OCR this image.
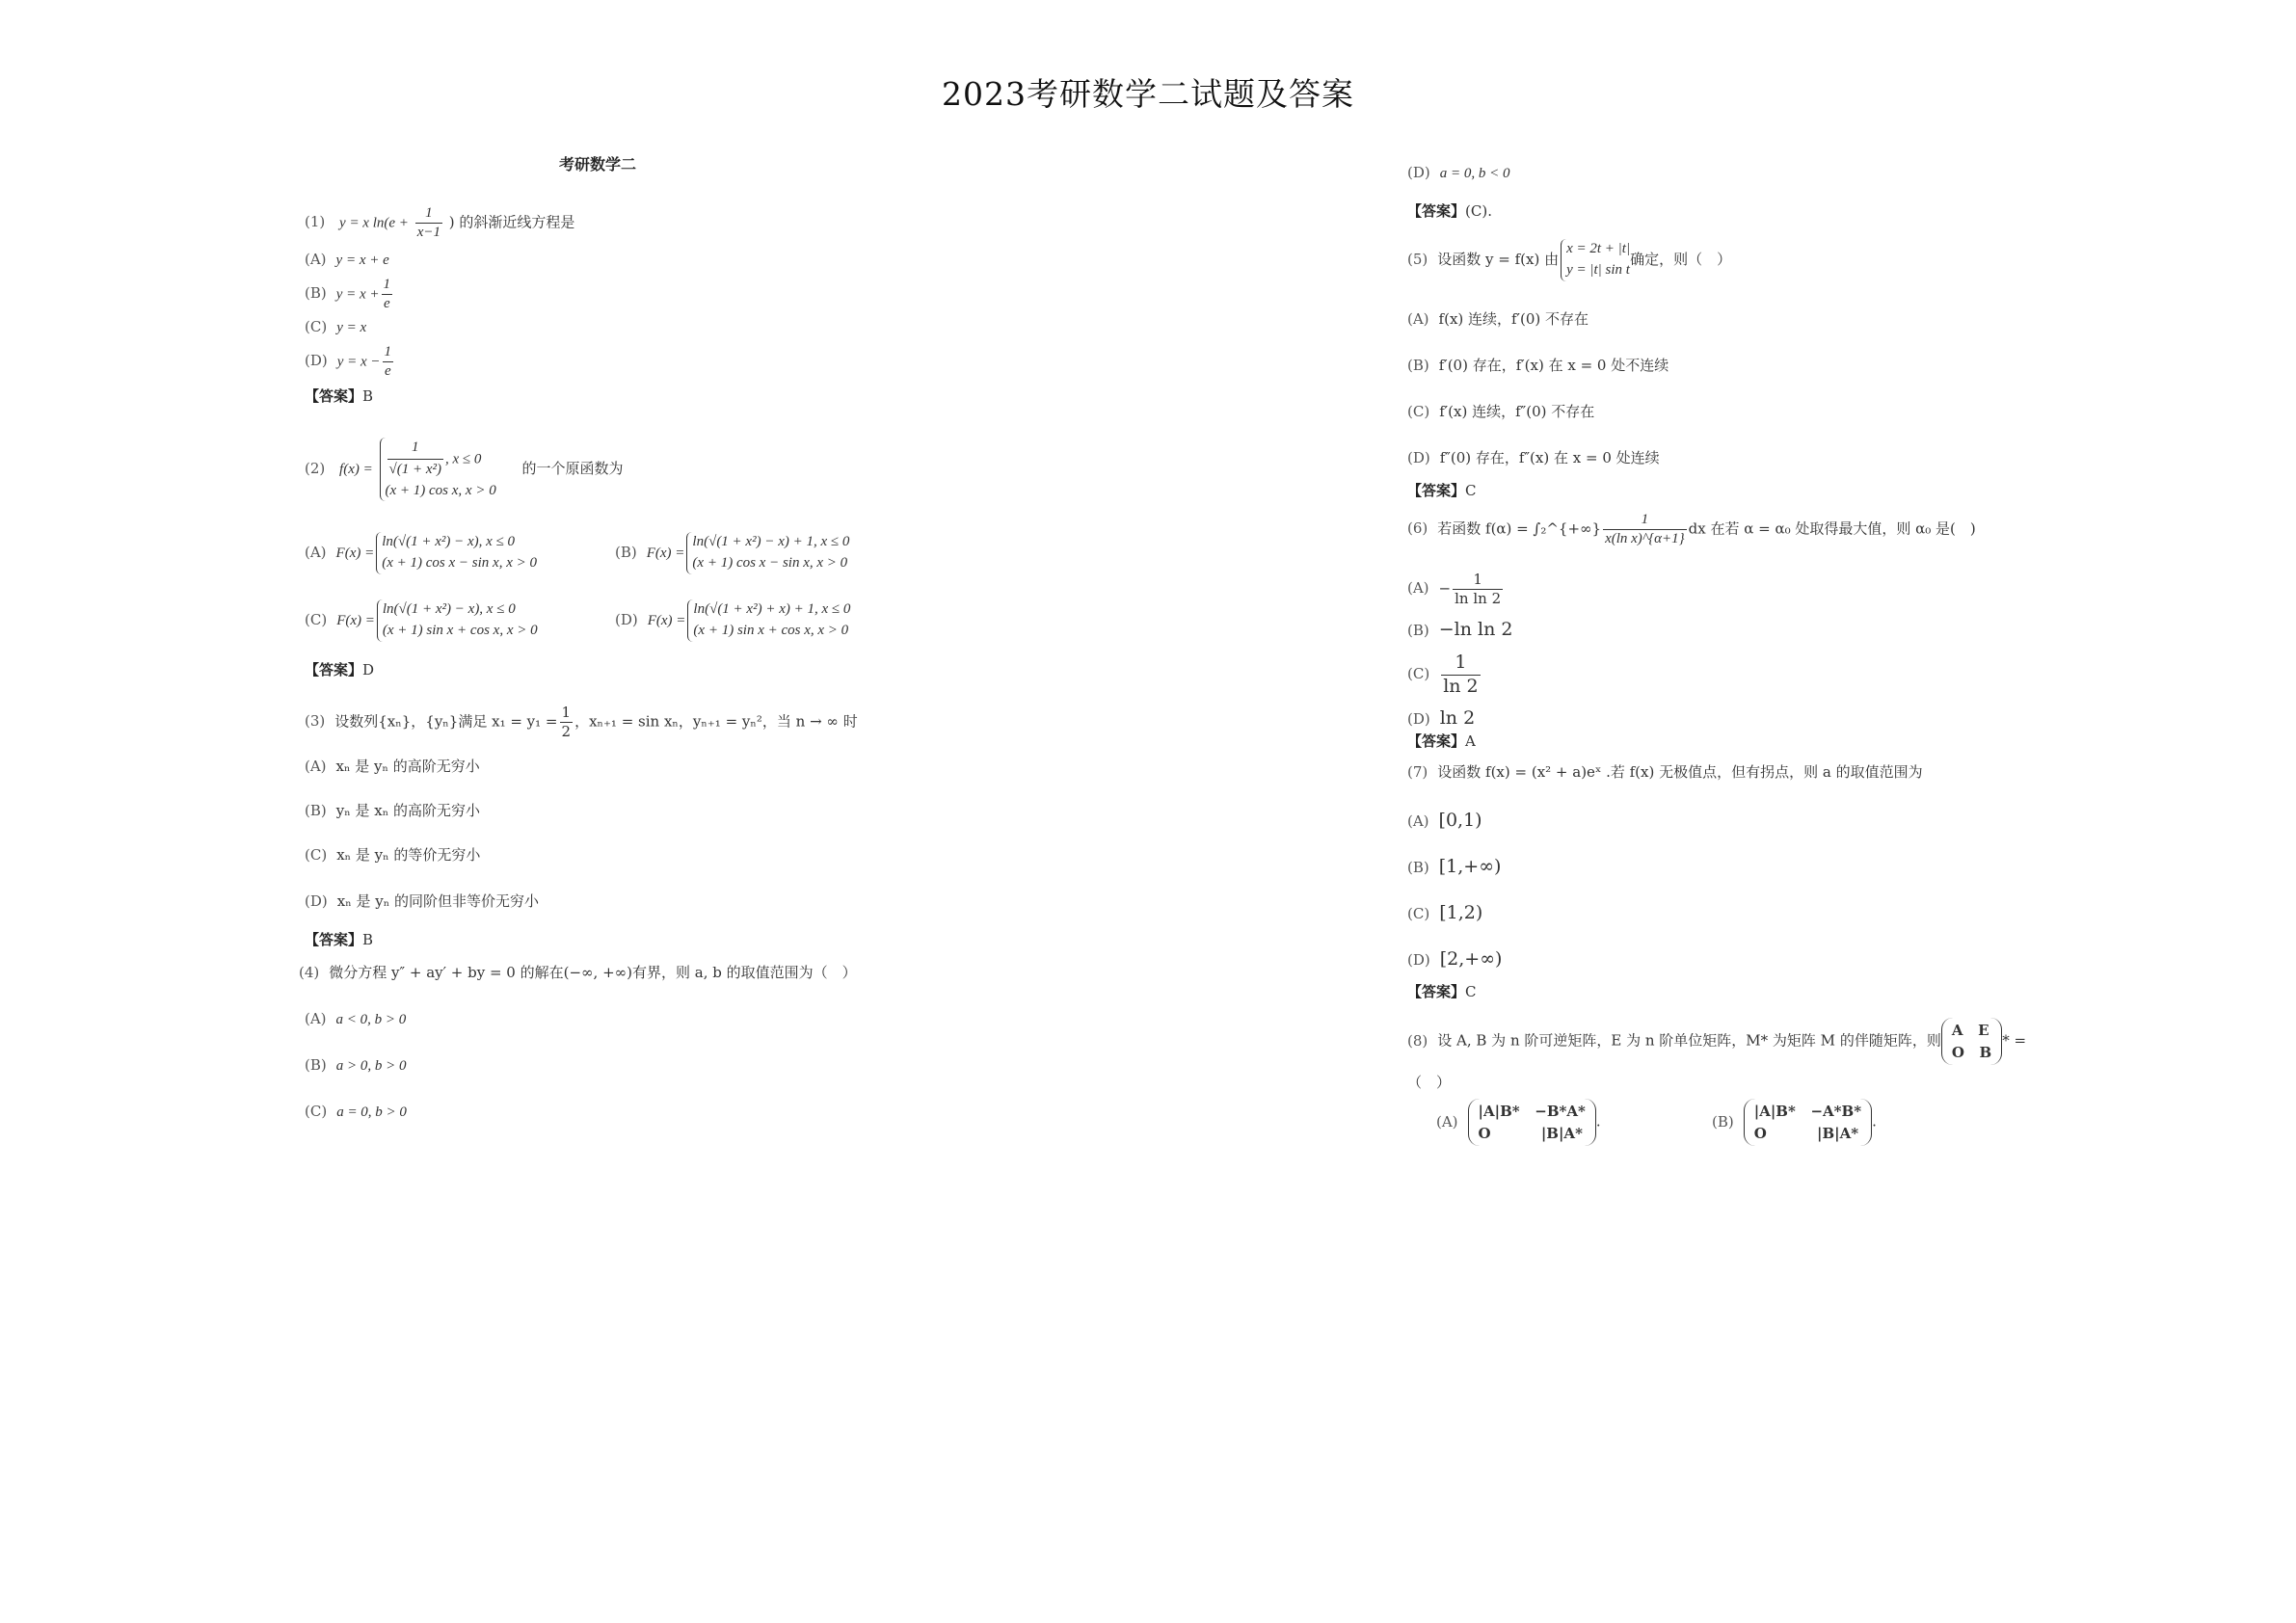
2023考研数学二试题及答案
考研数学二
(1) y = x $\ln(e + \frac{1}{x-1}$ ) 的斜渐近线方程是
(A) y = x + e
(B) $y = x + \frac{1}{e}$
(C) y = x
(D) $y = x - \frac{1}{e}$
【答案】B
(2) $f(x) = \frac{1}{\text{√(1 + x²)}}$ , x ≤ 0
(x + 1) cos x, x > 0
的一个原函数为
(A) F(x) =
ln(√(1 + x²) − x), x ≤ 0
(x + 1) cos x − sin x, x > 0
(B) F(x) =
ln(√(1 + x²) − x) + 1, x ≤ 0
(x + 1) cos x − sin x, x > 0
(C) F(x) =
ln(√(1 + x²) − x), x ≤ 0
(x + 1) sin x + cos x, x > 0
(D) F(x) =
ln(√(1 + x²) + x) + 1, x ≤ 0
(x + 1) sin x + cos x, x > 0
【答案】D
(3) 设数列{xₙ}，{yₙ}满足 $x_1 = y_1 = \frac{1}{2}$ ，xₙ₊₁ = sin xₙ，yₙ₊₁ = yₙ²，当 n → ∞ 时
(A) xₙ 是 yₙ 的高阶无穷小
(B) yₙ 是 xₙ 的高阶无穷小
(C) xₙ 是 yₙ 的等价无穷小
(D) xₙ 是 yₙ 的同阶但非等价无穷小
【答案】B
(4) 微分方程 y″ + ay′ + by = 0 的解在(−∞, +∞)有界，则 a, b 的取值范围为（　）
(A) a < 0, b > 0
(B) a > 0, b > 0
(C) a = 0, b > 0
(D) a = 0, b < 0
【答案】(C).
(5) 设函数 y = f(x) 由
x = 2t + |t|
y = |t| sin t
确定，则（　）
(A) f(x) 连续，f′(0) 不存在
(B) f′(0) 存在，f′(x) 在 x = 0 处不连续
(C) f′(x) 连续，f″(0) 不存在
(D) f″(0) 存在，f″(x) 在 x = 0 处连续
【答案】C
(6) 若函数 f(α) = ∫₂^{+∞} $\frac{1}{\text{x(ln x)\textasciicircum{}\{α+1\}}}$ dx 在若 α = α₀ 处取得最大值，则 α₀ 是(　)
$(A) - \frac{1}{\text{ln ln 2}}$
(B) −ln ln 2
$(C) \frac{1}{\ln 2}$
(D) ln 2
【答案】A
(7) 设函数 f(x) = (x² + a)eˣ .若 f(x) 无极值点，但有拐点，则 a 的取值范围为
(A) [0,1)
(B) [1,+∞)
(C) [1,2)
(D) [2,+∞)
【答案】C
(8) 设 A, B 为 n 阶可逆矩阵，E 为 n 阶单位矩阵，M* 为矩阵 M 的伴随矩阵，则
A   E
O   B
* =
（　）
(A)
|A|B*   −B*A*
O          |B|A*
.	(B)
|A|B*   −A*B*
O          |B|A*
.
